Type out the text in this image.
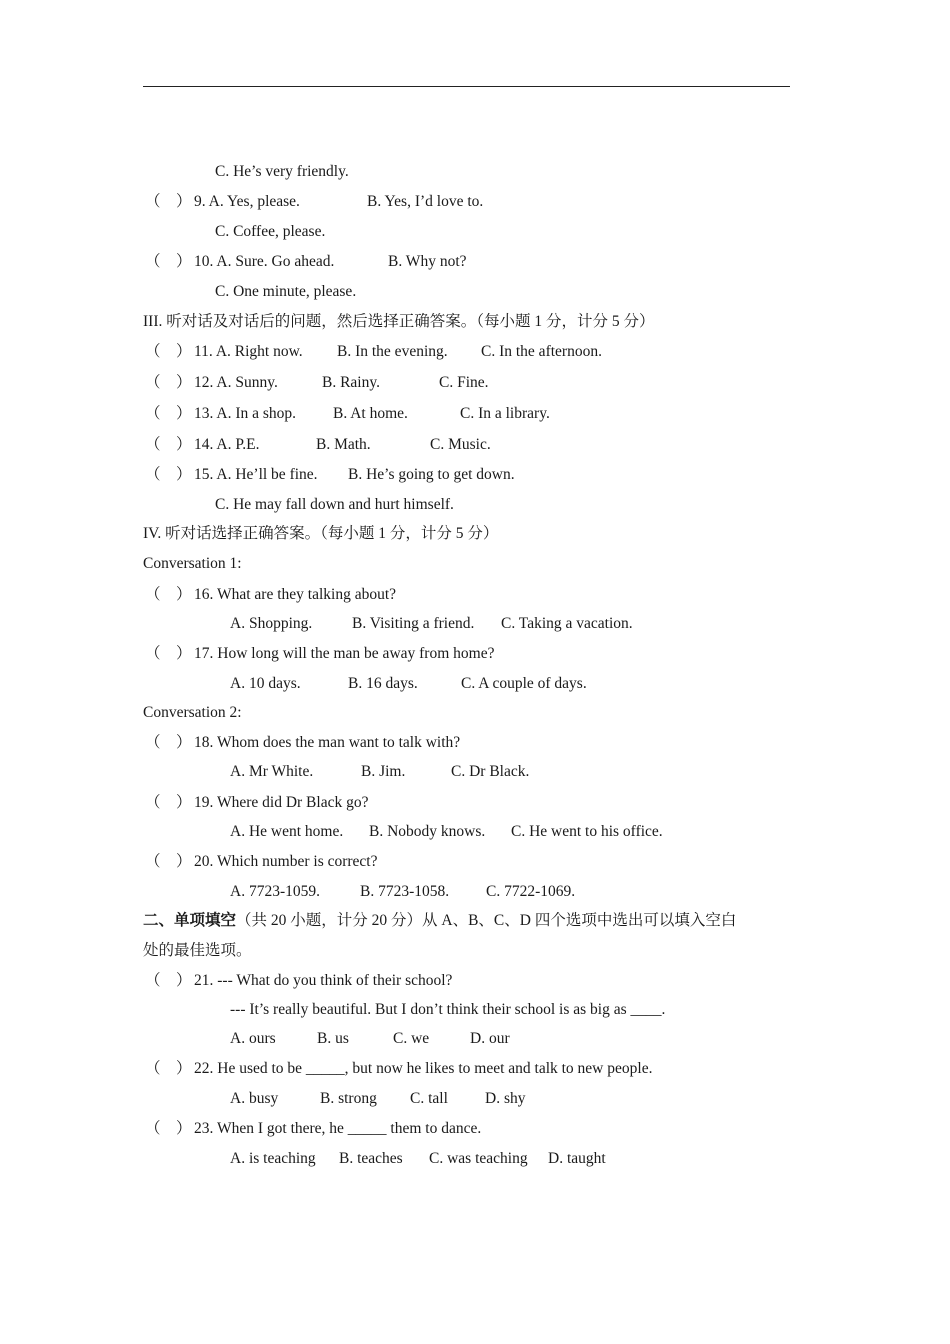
C. He’s very friendly.
（    ） 9. A. Yes, please.	B. Yes, I’d love to.
C. Coffee, please.
（    ） 10. A. Sure. Go ahead.	B. Why not?
C. One minute, please.
III. 听对话及对话后的问题，然后选择正确答案。（每小题 1 分，计分 5 分）
（    ） 11. A. Right now. B. In the evening. C. In the afternoon.
（    ） 12. A. Sunny.	B. Rainy.	C. Fine.
（    ） 13. A. In a shop. B. At home.	C. In a library.
（    ） 14. A. P.E.	B. Math.	C. Music.
（    ） 15. A. He’ll be fine. B. He’s going to get down.
C. He may fall down and hurt himself.
IV. 听对话选择正确答案。（每小题 1 分，计分 5 分）
Conversation 1:
（    ） 16. What are they talking about?
A. Shopping.	B. Visiting a friend. C. Taking a vacation.
（    ） 17. How long will the man be away from home?
A. 10 days.	B. 16 days.	C. A couple of days.
Conversation 2:
（    ） 18. Whom does the man want to talk with?
A. Mr White.	B. Jim.	C. Dr Black.
（    ） 19. Where did Dr Black go?
A. He went home. B. Nobody knows. C. He went to his office.
（    ） 20. Which number is correct?
A. 7723-1059.	B. 7723-1058. C. 7722-1069.
二、单项填空（共 20 小题，计分 20 分）从 A、B、C、D 四个选项中选出可以填入空白
处的最佳选项。
（    ） 21. --- What do you think of their school?
--- It’s really beautiful. But I don’t think their school is as big as ____.
A. ours	B. us	C. we	D. our
（    ） 22. He used to be _____, but now he likes to meet and talk to new people.
A. busy	B. strong C. tall D. shy
（    ） 23. When I got there, he _____ them to dance.
A. is teaching B. teaches C. was teaching D. taught
